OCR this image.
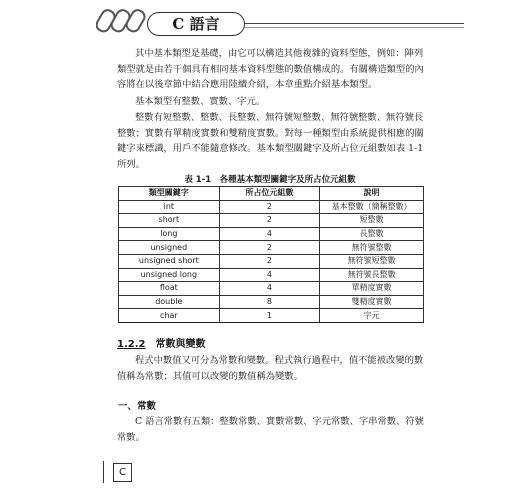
C 語言

其中基本類型是基礎，由它可以構造其他複雜的資料型態，例如：陣列類型就是由若干個具有相同基本資料型態的數值構成的。有關構造類型的內容將在以後章節中結合應用陸續介紹，本章重點介紹基本類型。

基本類型有整數、實數、字元。

整數有短整數、整數、長整數、無符號短整數、無符號整數、無符號長整數；實數有單精度實數和雙精度實數。對每一種類型由系統提供相應的關鍵字來標識，用戶不能隨意修改。基本類型關鍵字及所占位元組數如表 1-1 所列。

表 1-1　各種基本類型關鍵字及所占位元組數
類型關鍵字	所占位元組數	說明
int	2	基本整數（簡稱整數）
short	2	短整數
long	4	長整數
unsigned	2	無符號整數
unsigned short	2	無符號短整數
unsigned long	4	無符號長整數
float	4	單精度實數
double	8	雙精度實數
char	1	字元
1.2.2 常數與變數

程式中數值又可分為常數和變數。程式執行過程中，值不能被改變的數值稱為常數；其值可以改變的數值稱為變數。

一、常數

C 語言常數有五類：整數常數、實數常數、字元常數、字串常數、符號常數。

C
